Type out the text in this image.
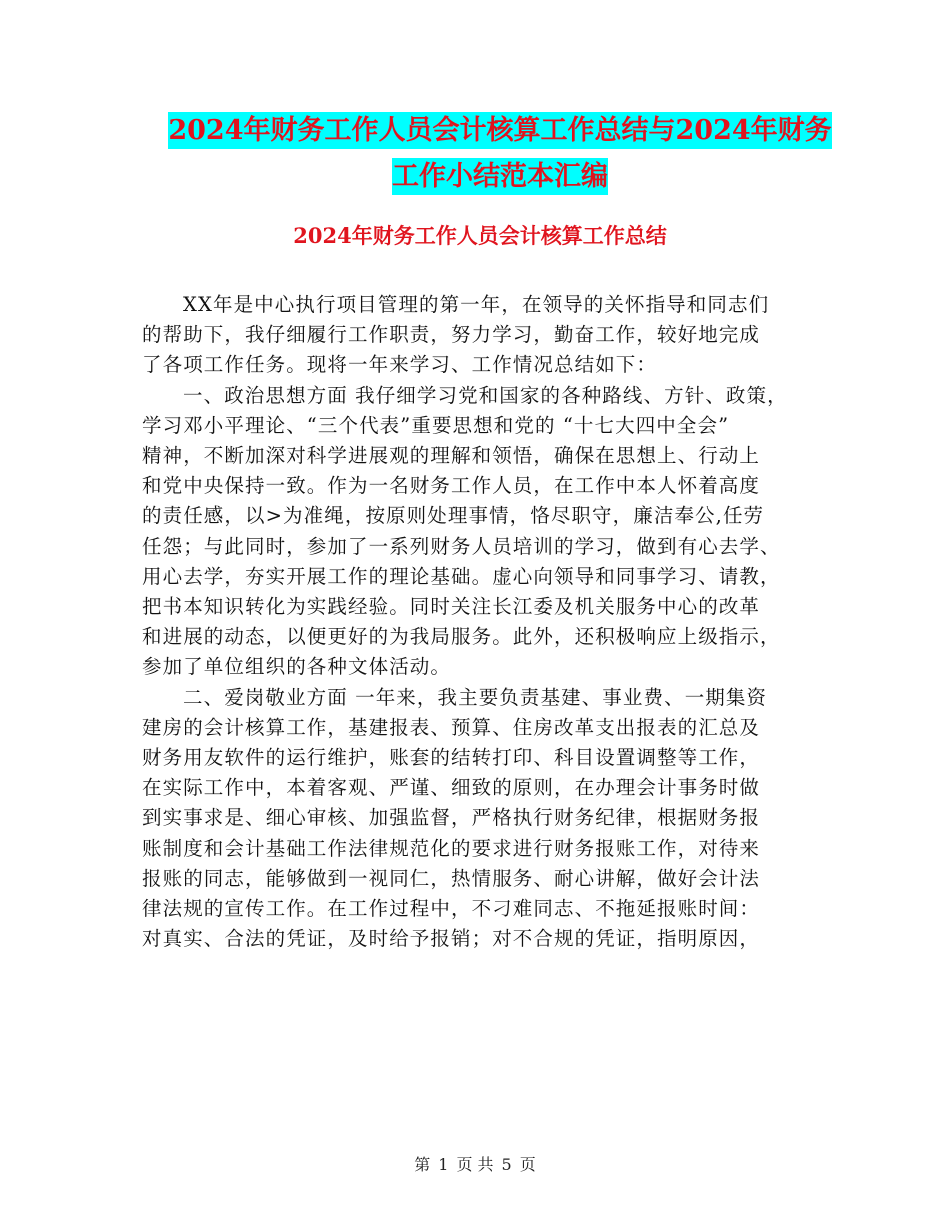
2024年财务工作人员会计核算工作总结与2024年财务
工作小结范本汇编
2024年财务工作人员会计核算工作总结
XX年是中心执行项目管理的第一年，在领导的关怀指导和同志们
的帮助下，我仔细履行工作职责，努力学习，勤奋工作，较好地完成
了各项工作任务。现将一年来学习、工作情况总结如下：
一、政治思想方面 我仔细学习党和国家的各种路线、方针、政策，
学习邓小平理论、“三个代表”重要思想和党的 “十七大四中全会”
精神，不断加深对科学进展观的理解和领悟，确保在思想上、行动上
和党中央保持一致。作为一名财务工作人员，在工作中本人怀着高度
的责任感，以>为准绳，按原则处理事情，恪尽职守，廉洁奉公,任劳
任怨；与此同时，参加了一系列财务人员培训的学习，做到有心去学、
用心去学，夯实开展工作的理论基础。虚心向领导和同事学习、请教，
把书本知识转化为实践经验。同时关注长江委及机关服务中心的改革
和进展的动态，以便更好的为我局服务。此外，还积极响应上级指示，
参加了单位组织的各种文体活动。
二、爱岗敬业方面 一年来，我主要负责基建、事业费、一期集资
建房的会计核算工作，基建报表、预算、住房改革支出报表的汇总及
财务用友软件的运行维护，账套的结转打印、科目设置调整等工作，
在实际工作中，本着客观、严谨、细致的原则，在办理会计事务时做
到实事求是、细心审核、加强监督，严格执行财务纪律，根据财务报
账制度和会计基础工作法律规范化的要求进行财务报账工作，对待来
报账的同志，能够做到一视同仁，热情服务、耐心讲解，做好会计法
律法规的宣传工作。在工作过程中，不刁难同志、不拖延报账时间：
对真实、合法的凭证，及时给予报销；对不合规的凭证，指明原因，
第 1 页 共 5 页
